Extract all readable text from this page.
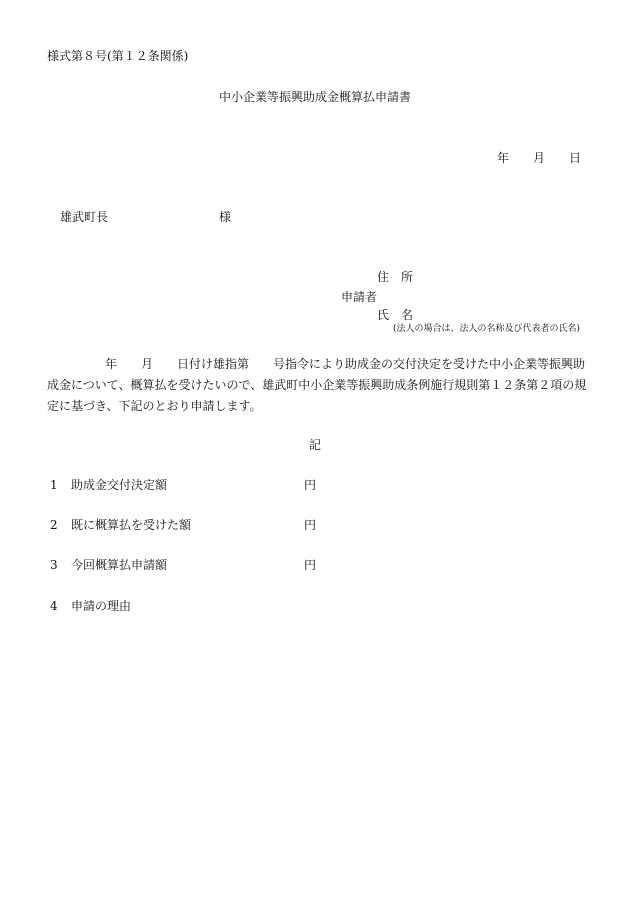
様式第８号(第１２条関係)
中小企業等振興助成金概算払申請書
年　　月　　日
雄武町長	様
住　所
申請者
氏　名
(法人の場合は、法人の名称及び代表者の氏名)
年　　月　　日付け雄指第　　号指令により助成金の交付決定を受けた中小企業等振興助成金について、概算払を受けたいので、雄武町中小企業等振興助成条例施行規則第１２条第２項の規定に基づき、下記のとおり申請します。
記
1 助成金交付決定額	円
2 既に概算払を受けた額	円
3 今回概算払申請額	円
4 申請の理由
